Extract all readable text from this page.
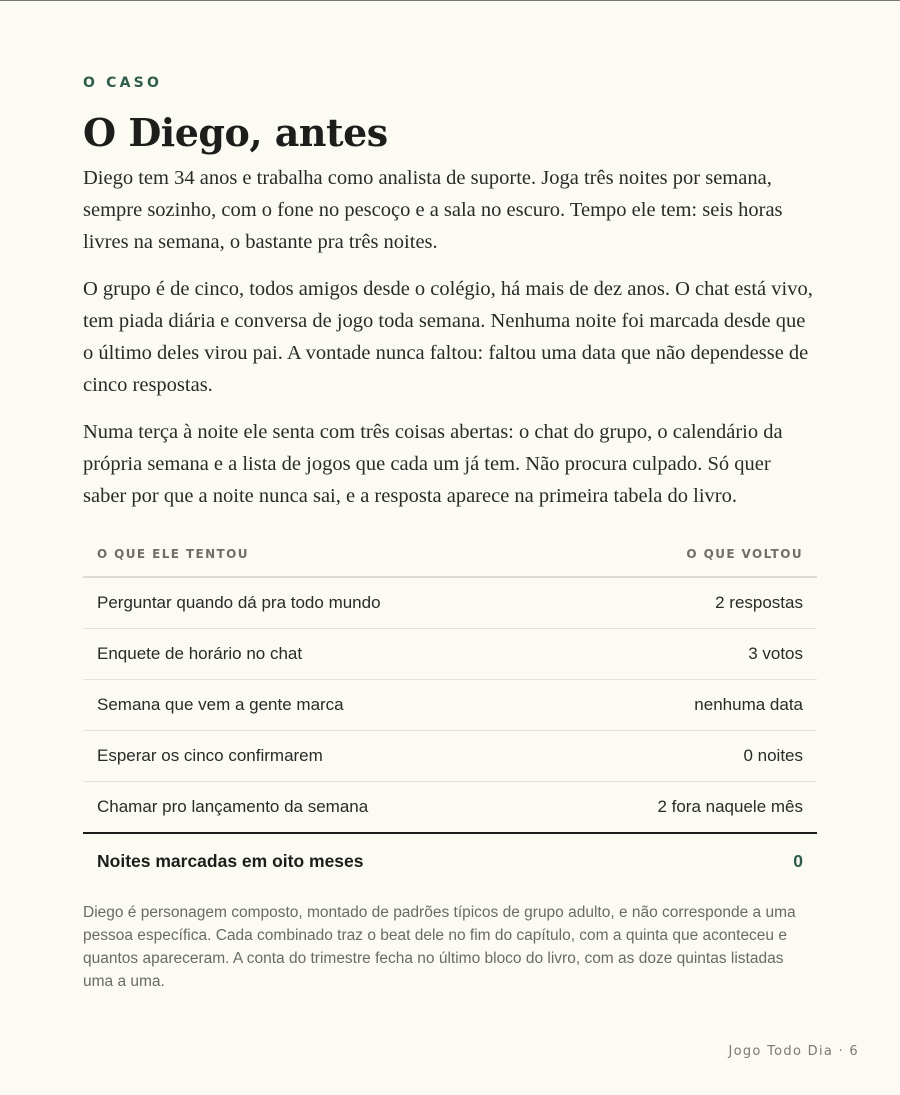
O CASO
O Diego, antes

Diego tem 34 anos e trabalha como analista de suporte. Joga três noites por semana, sempre sozinho, com o fone no pescoço e a sala no escuro. Tempo ele tem: seis horas livres na semana, o bastante pra três noites.

O grupo é de cinco, todos amigos desde o colégio, há mais de dez anos. O chat está vivo, tem piada diária e conversa de jogo toda semana. Nenhuma noite foi marcada desde que o último deles virou pai. A vontade nunca faltou: faltou uma data que não dependesse de cinco respostas.

Numa terça à noite ele senta com três coisas abertas: o chat do grupo, o calendário da própria semana e a lista de jogos que cada um já tem. Não procura culpado. Só quer saber por que a noite nunca sai, e a resposta aparece na primeira tabela do livro.

O QUE ELE TENTOU	O QUE VOLTOU
Perguntar quando dá pra todo mundo	2 respostas
Enquete de horário no chat	3 votos
Semana que vem a gente marca	nenhuma data
Esperar os cinco confirmarem	0 noites
Chamar pro lançamento da semana	2 fora naquele mês
Noites marcadas em oito meses	0

Diego é personagem composto, montado de padrões típicos de grupo adulto, e não corresponde a uma pessoa específica. Cada combinado traz o beat dele no fim do capítulo, com a quinta que aconteceu e quantos apareceram. A conta do trimestre fecha no último bloco do livro, com as doze quintas listadas uma a uma.

Jogo Todo Dia · 6
